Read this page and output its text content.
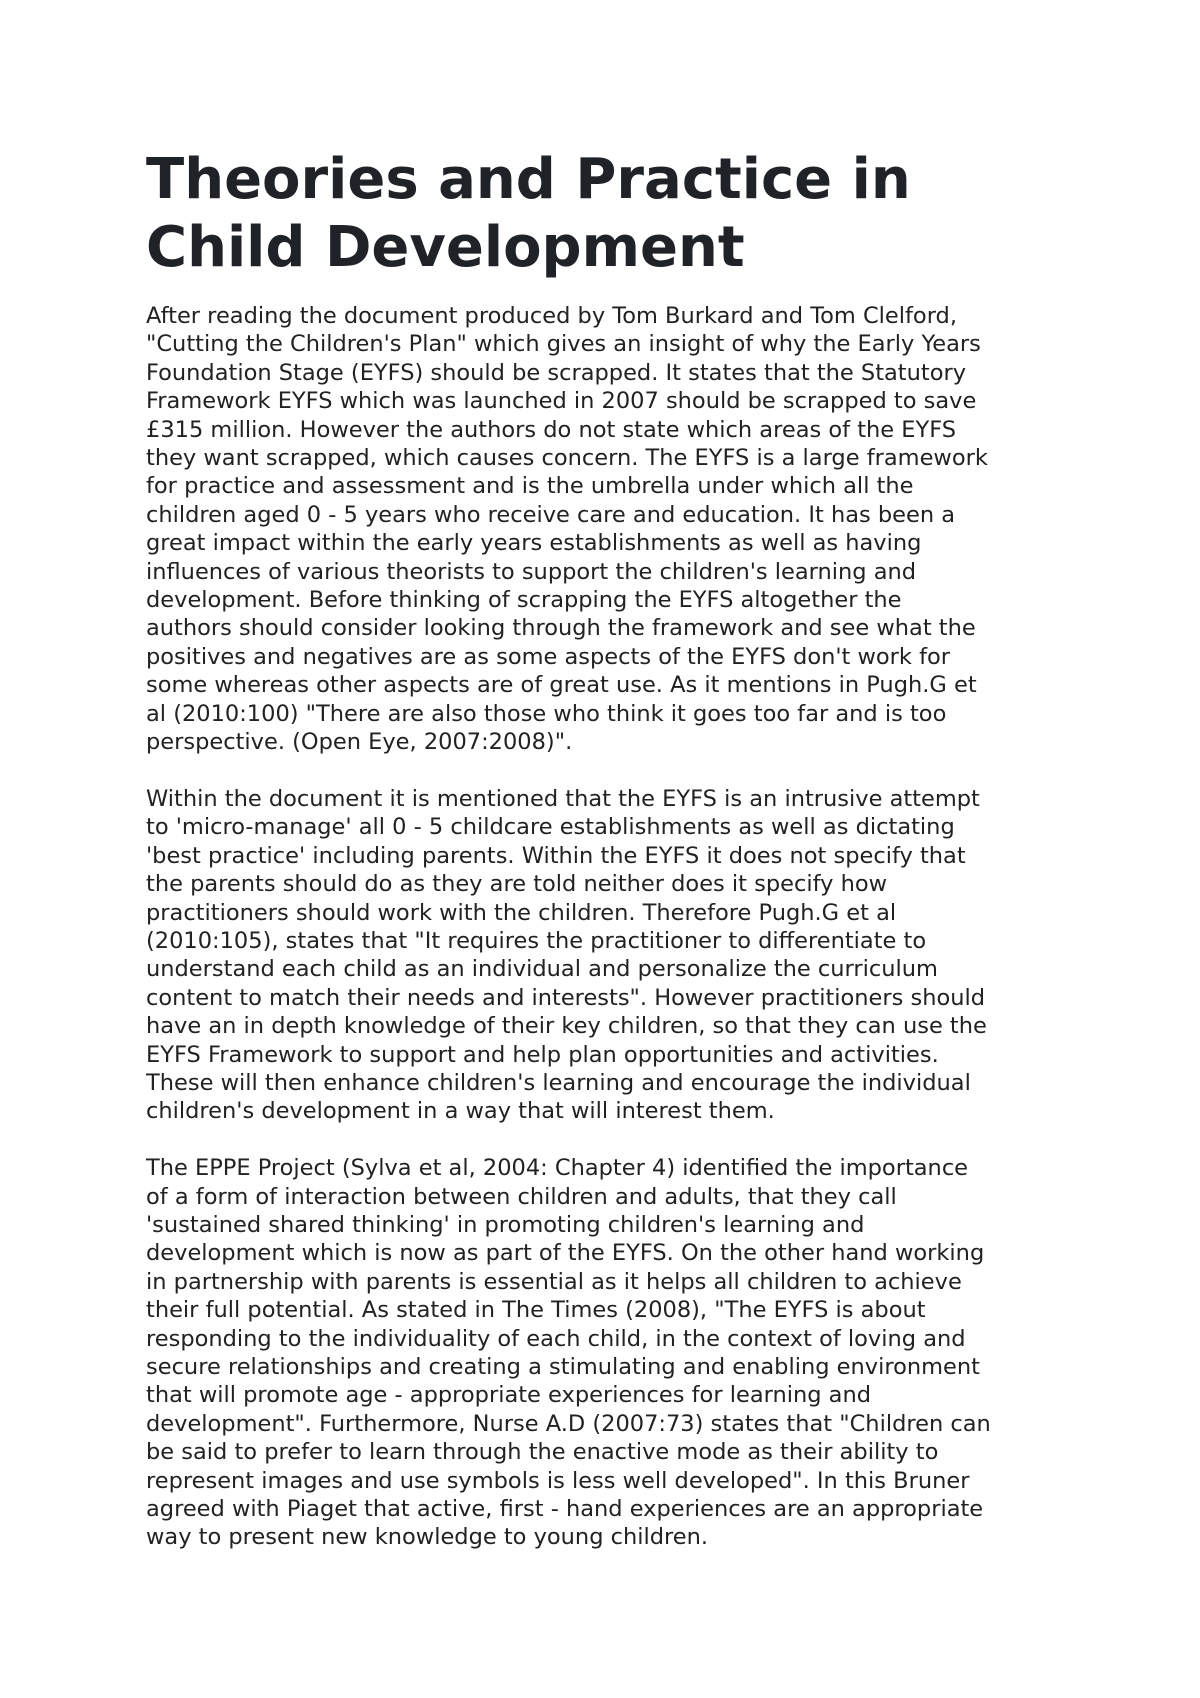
Theories and Practice in
Child Development

After reading the document produced by Tom Burkard and Tom Clelford,
"Cutting the Children's Plan" which gives an insight of why the Early Years
Foundation Stage (EYFS) should be scrapped. It states that the Statutory
Framework EYFS which was launched in 2007 should be scrapped to save
£315 million. However the authors do not state which areas of the EYFS
they want scrapped, which causes concern. The EYFS is a large framework
for practice and assessment and is the umbrella under which all the
children aged 0 - 5 years who receive care and education. It has been a
great impact within the early years establishments as well as having
influences of various theorists to support the children's learning and
development. Before thinking of scrapping the EYFS altogether the
authors should consider looking through the framework and see what the
positives and negatives are as some aspects of the EYFS don't work for
some whereas other aspects are of great use. As it mentions in Pugh.G et
al (2010:100) "There are also those who think it goes too far and is too
perspective. (Open Eye, 2007:2008)".

Within the document it is mentioned that the EYFS is an intrusive attempt
to 'micro-manage' all 0 - 5 childcare establishments as well as dictating
'best practice' including parents. Within the EYFS it does not specify that
the parents should do as they are told neither does it specify how
practitioners should work with the children. Therefore Pugh.G et al
(2010:105), states that "It requires the practitioner to differentiate to
understand each child as an individual and personalize the curriculum
content to match their needs and interests". However practitioners should
have an in depth knowledge of their key children, so that they can use the
EYFS Framework to support and help plan opportunities and activities.
These will then enhance children's learning and encourage the individual
children's development in a way that will interest them.

The EPPE Project (Sylva et al, 2004: Chapter 4) identified the importance
of a form of interaction between children and adults, that they call
'sustained shared thinking' in promoting children's learning and
development which is now as part of the EYFS. On the other hand working
in partnership with parents is essential as it helps all children to achieve
their full potential. As stated in The Times (2008), "The EYFS is about
responding to the individuality of each child, in the context of loving and
secure relationships and creating a stimulating and enabling environment
that will promote age - appropriate experiences for learning and
development". Furthermore, Nurse A.D (2007:73) states that "Children can
be said to prefer to learn through the enactive mode as their ability to
represent images and use symbols is less well developed". In this Bruner
agreed with Piaget that active, first - hand experiences are an appropriate
way to present new knowledge to young children.
